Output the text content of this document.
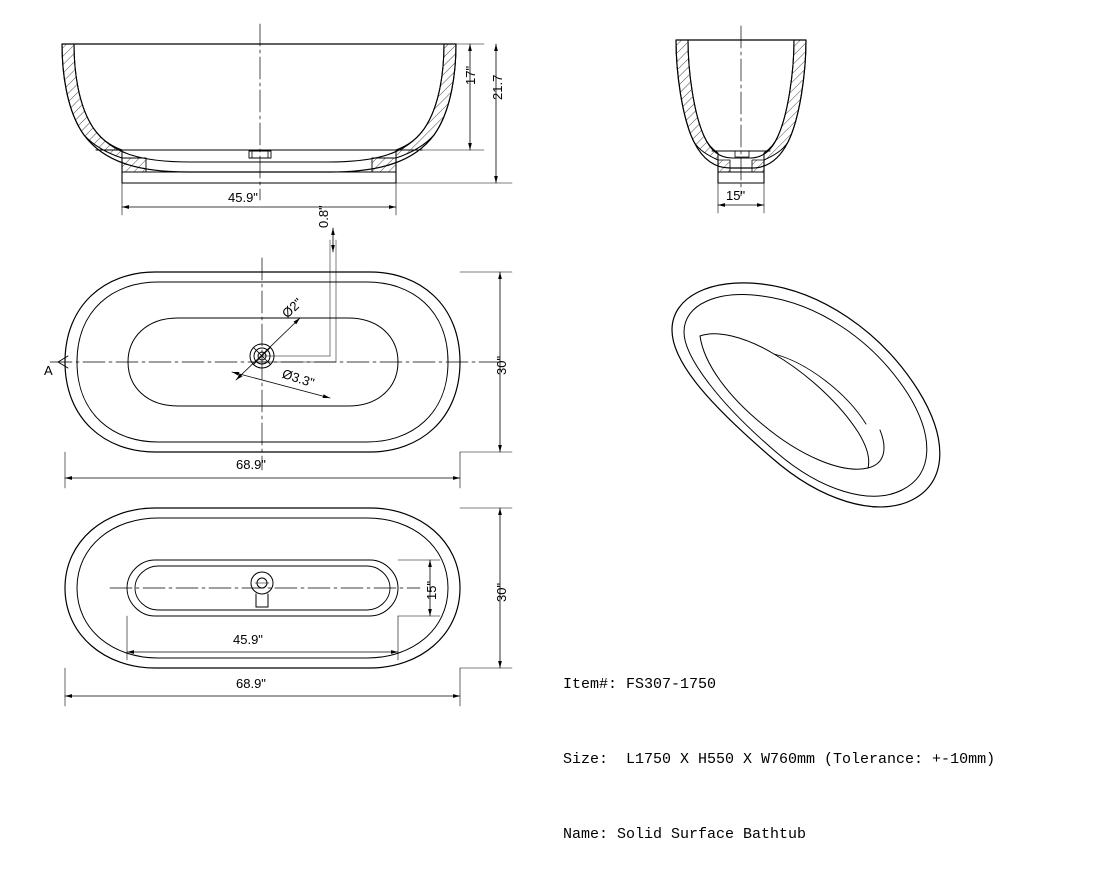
45.9"
17" 21.7
15"
68.9"
30"
0.8"
Ø2"
Ø3.3"
A
45.9"
68.9"
30"
15"

Item#: FS307-1750

Size:  L1750 X H550 X W760mm (Tolerance: +-10mm)

Name: Solid Surface Bathtub
